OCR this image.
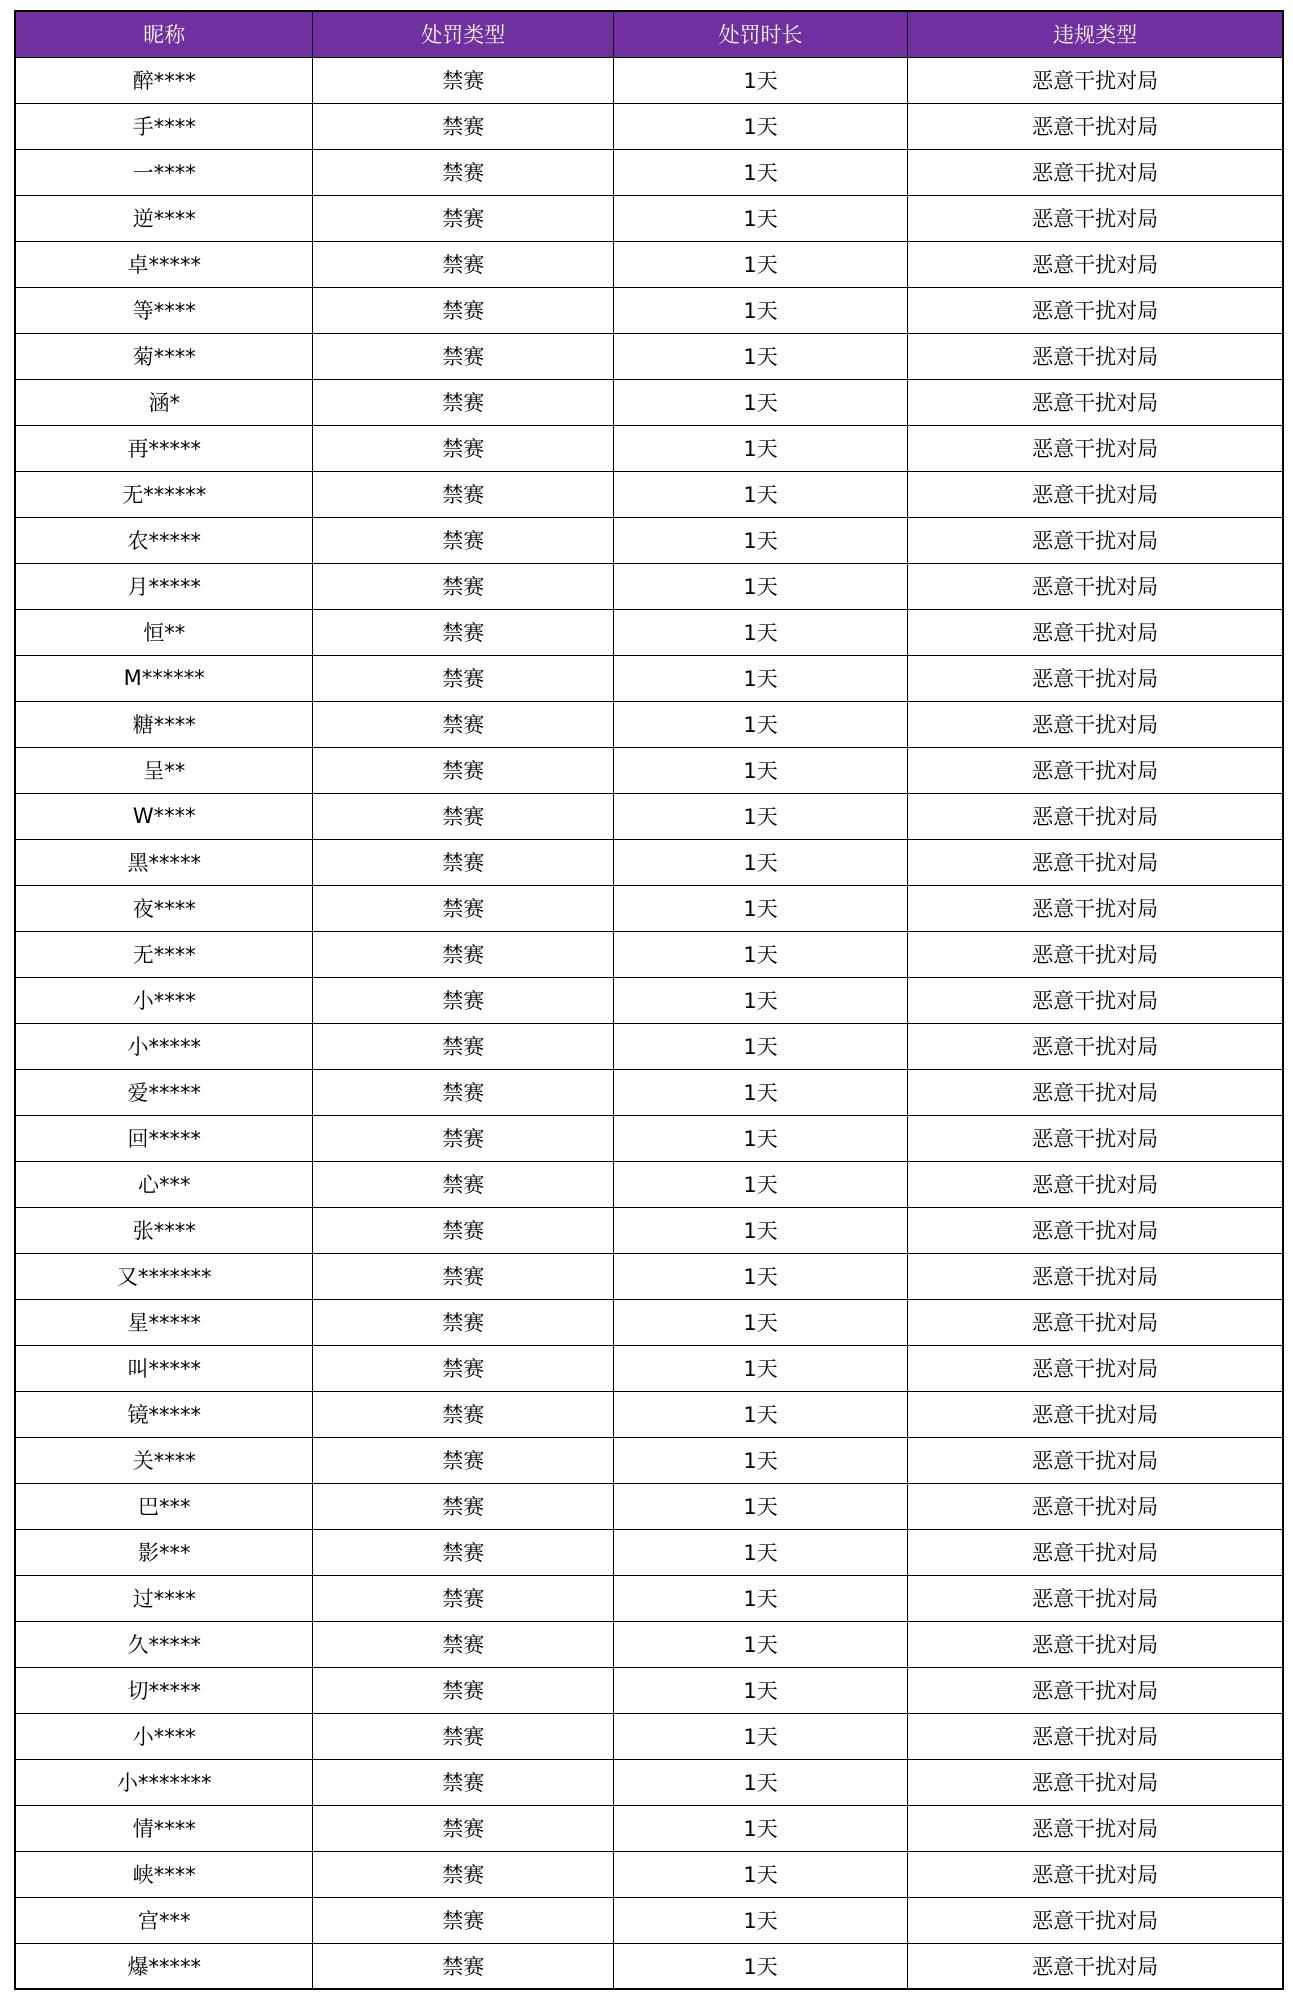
昵称	处罚类型	处罚时长	违规类型
醉****	禁赛	1天	恶意干扰对局
手****	禁赛	1天	恶意干扰对局
一****	禁赛	1天	恶意干扰对局
逆****	禁赛	1天	恶意干扰对局
卓*****	禁赛	1天	恶意干扰对局
等****	禁赛	1天	恶意干扰对局
菊****	禁赛	1天	恶意干扰对局
涵*	禁赛	1天	恶意干扰对局
再*****	禁赛	1天	恶意干扰对局
无******	禁赛	1天	恶意干扰对局
农*****	禁赛	1天	恶意干扰对局
月*****	禁赛	1天	恶意干扰对局
恒**	禁赛	1天	恶意干扰对局
M******	禁赛	1天	恶意干扰对局
糖****	禁赛	1天	恶意干扰对局
呈**	禁赛	1天	恶意干扰对局
W****	禁赛	1天	恶意干扰对局
黑*****	禁赛	1天	恶意干扰对局
夜****	禁赛	1天	恶意干扰对局
无****	禁赛	1天	恶意干扰对局
小****	禁赛	1天	恶意干扰对局
小*****	禁赛	1天	恶意干扰对局
爱*****	禁赛	1天	恶意干扰对局
回*****	禁赛	1天	恶意干扰对局
心***	禁赛	1天	恶意干扰对局
张****	禁赛	1天	恶意干扰对局
又*******	禁赛	1天	恶意干扰对局
星*****	禁赛	1天	恶意干扰对局
叫*****	禁赛	1天	恶意干扰对局
镜*****	禁赛	1天	恶意干扰对局
关****	禁赛	1天	恶意干扰对局
巴***	禁赛	1天	恶意干扰对局
影***	禁赛	1天	恶意干扰对局
过****	禁赛	1天	恶意干扰对局
久*****	禁赛	1天	恶意干扰对局
切*****	禁赛	1天	恶意干扰对局
小****	禁赛	1天	恶意干扰对局
小*******	禁赛	1天	恶意干扰对局
情****	禁赛	1天	恶意干扰对局
峡****	禁赛	1天	恶意干扰对局
宫***	禁赛	1天	恶意干扰对局
爆*****	禁赛	1天	恶意干扰对局
